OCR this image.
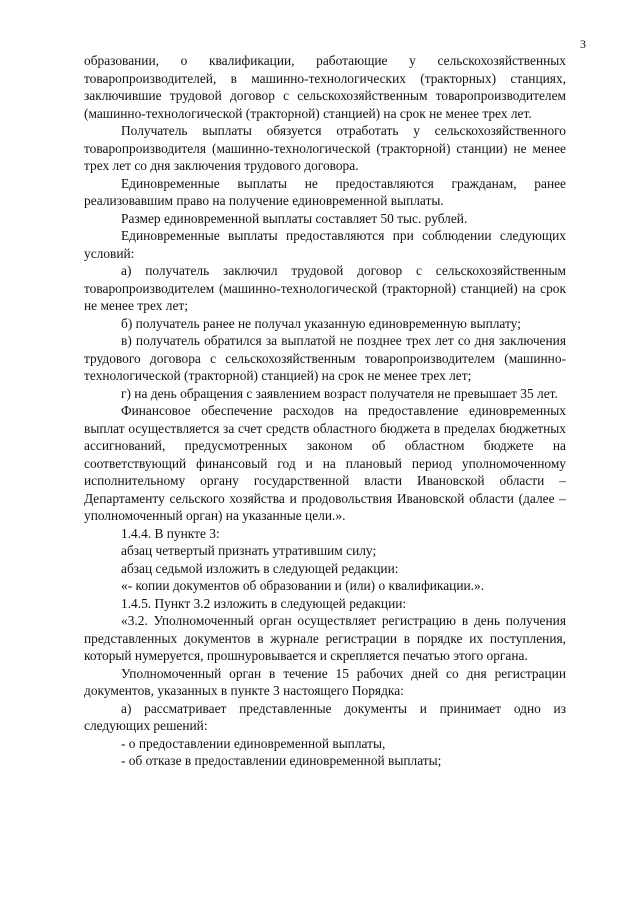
3

образовании, о квалификации, работающие у сельскохозяйственных товаропроизводителей, в машинно-технологических (тракторных) станциях, заключившие трудовой договор с сельскохозяйственным товаропроизводителем (машинно-технологической (тракторной) станцией) на срок не менее трех лет.

Получатель выплаты обязуется отработать у сельскохозяйственного товаропроизводителя (машинно-технологической (тракторной) станции) не менее трех лет со дня заключения трудового договора.

Единовременные выплаты не предоставляются гражданам, ранее реализовавшим право на получение единовременной выплаты.

Размер единовременной выплаты составляет 50 тыс. рублей.

Единовременные выплаты предоставляются при соблюдении следующих условий:

а) получатель заключил трудовой договор с сельскохозяйственным товаропроизводителем (машинно-технологической (тракторной) станцией) на срок не менее трех лет;

б) получатель ранее не получал указанную единовременную выплату;

в) получатель обратился за выплатой не позднее трех лет со дня заключения трудового договора с сельскохозяйственным товаропроизводителем (машинно-технологической (тракторной) станцией) на срок не менее трех лет;

г) на день обращения с заявлением возраст получателя не превышает 35 лет.

Финансовое обеспечение расходов на предоставление единовременных выплат осуществляется за счет средств областного бюджета в пределах бюджетных ассигнований, предусмотренных законом об областном бюджете на соответствующий финансовый год и на плановый период уполномоченному исполнительному органу государственной власти Ивановской области – Департаменту сельского хозяйства и продовольствия Ивановской области (далее – уполномоченный орган) на указанные цели.».

1.4.4. В пункте 3:

абзац четвертый признать утратившим силу;

абзац седьмой изложить в следующей редакции:

«- копии документов об образовании и (или) о квалификации.».

1.4.5. Пункт 3.2 изложить в следующей редакции:

«3.2. Уполномоченный орган осуществляет регистрацию в день получения представленных документов в журнале регистрации в порядке их поступления, который нумеруется, прошнуровывается и скрепляется печатью этого органа.

Уполномоченный орган в течение 15 рабочих дней со дня регистрации документов, указанных в пункте 3 настоящего Порядка:

а) рассматривает представленные документы и принимает одно из следующих решений:

- о предоставлении единовременной выплаты,

- об отказе в предоставлении единовременной выплаты;
